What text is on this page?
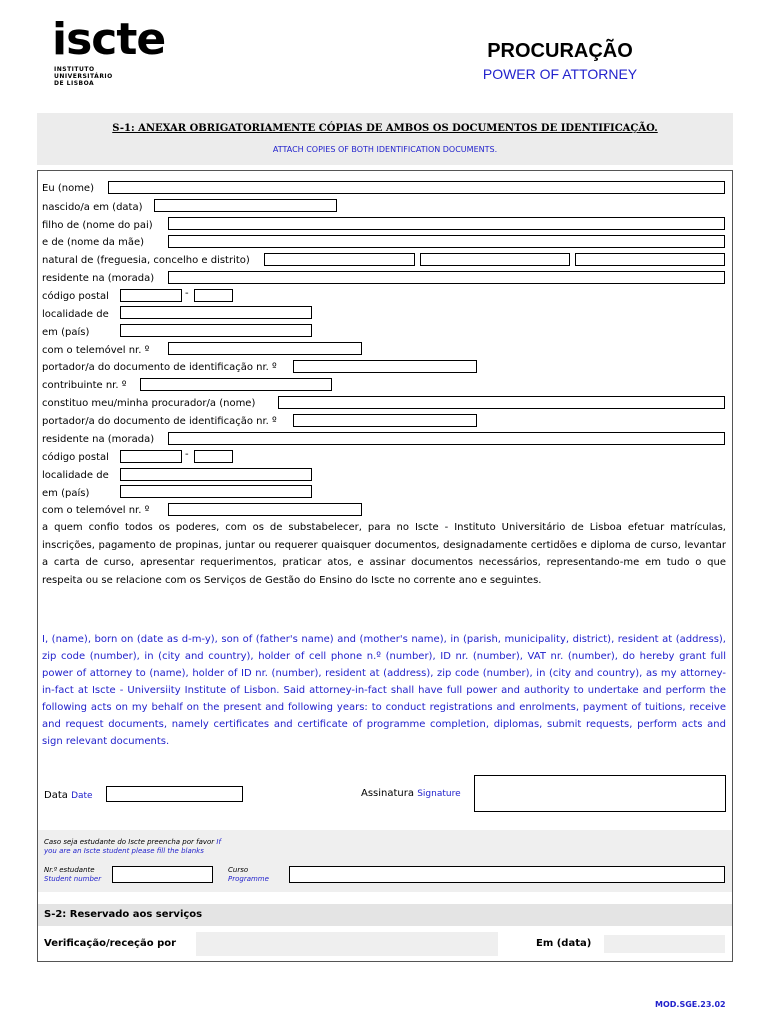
iscte
INSTITUTO
UNIVERSITÁRIO
DE LISBOA
PROCURAÇÃO
POWER OF ATTORNEY
S-1: ANEXAR OBRIGATORIAMENTE CÓPIAS DE AMBOS OS DOCUMENTOS DE IDENTIFICAÇÃO.
ATTACH COPIES OF BOTH IDENTIFICATION DOCUMENTS.
Eu (nome)
nascido/a em (data)
filho de (nome do pai)
e de (nome da mãe)
natural de (freguesia, concelho e distrito)
residente na (morada)
código postal	-
localidade de
em (país)
com o telemóvel nr. º
portador/a do documento de identificação nr. º
contribuinte nr. º
constituo meu/minha procurador/a (nome)
portador/a do documento de identificação nr. º
residente na (morada)
código postal	-
localidade de
em (país)
com o telemóvel nr. º
a quem confio todos os poderes, com os de substabelecer, para no Iscte - Instituto Universitário de Lisboa efetuar matrículas, inscrições, pagamento de propinas, juntar ou requerer quaisquer documentos, designadamente certidões e diploma de curso, levantar a carta de curso, apresentar requerimentos, praticar atos, e assinar documentos necessários, representando-me em tudo o que respeita ou se relacione com os Serviços de Gestão do Ensino do Iscte no corrente ano e seguintes.
I, (name), born on (date as d-m-y), son of (father's name) and (mother's name), in (parish, municipality, district), resident at (address), zip code (number), in (city and country), holder of cell phone n.º (number), ID nr. (number), VAT nr. (number), do hereby grant full power of attorney to (name), holder of ID nr. (number), resident at (address), zip code (number), in (city and country), as my attorney-in-fact at Iscte - Universiity Institute of Lisbon. Said attorney-in-fact shall have full power and authority to undertake and perform the following acts on my behalf on the present and following years: to conduct registrations and enrolments, payment of tuitions, receive and request documents, namely certificates and certificate of programme completion, diplomas, submit requests, perform acts and sign relevant documents.
Data Date	Assinatura Signature
Caso seja estudante do Iscte preencha por favor If
you are an Iscte student please fill the blanks
Nr.º estudante
Student number
Curso
Programme
S-2: Reservado aos serviços
Verificação/receção por	Em (data)
MOD.SGE.23.02
